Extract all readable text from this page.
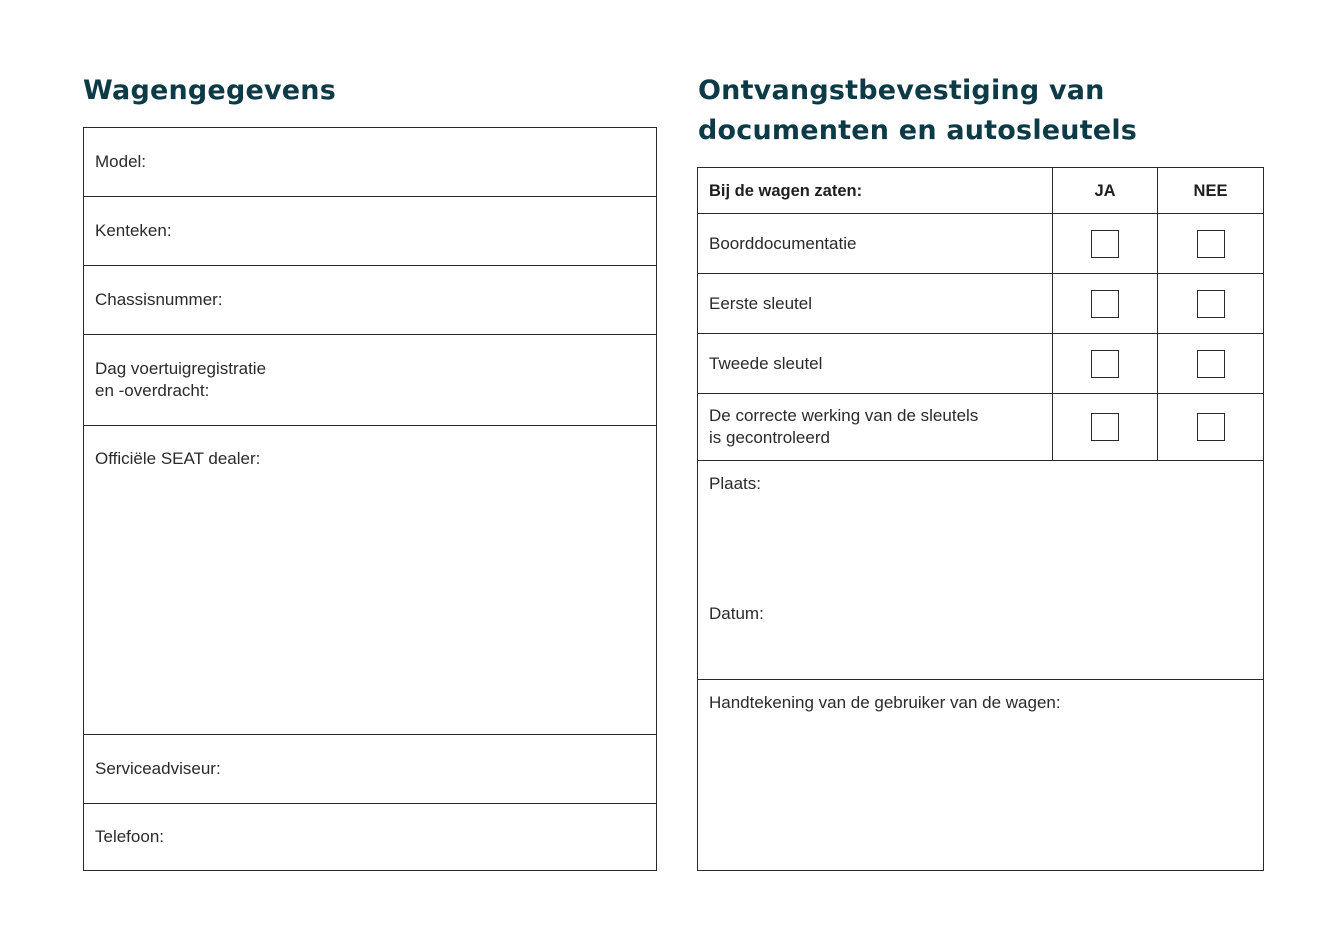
Wagengegevens
Model:
Kenteken:
Chassisnummer:
Dag voertuigregistratie
en -overdracht:
Officiële SEAT dealer:
Serviceadviseur:
Telefoon:
Ontvangstbevestiging van documenten en autosleutels
Bij de wagen zaten:	JA	NEE
Boorddocumentatie
Eerste sleutel
Tweede sleutel
De correcte werking van de sleutels
is gecontroleerd
Plaats:
Datum:
Handtekening van de gebruiker van de wagen:
